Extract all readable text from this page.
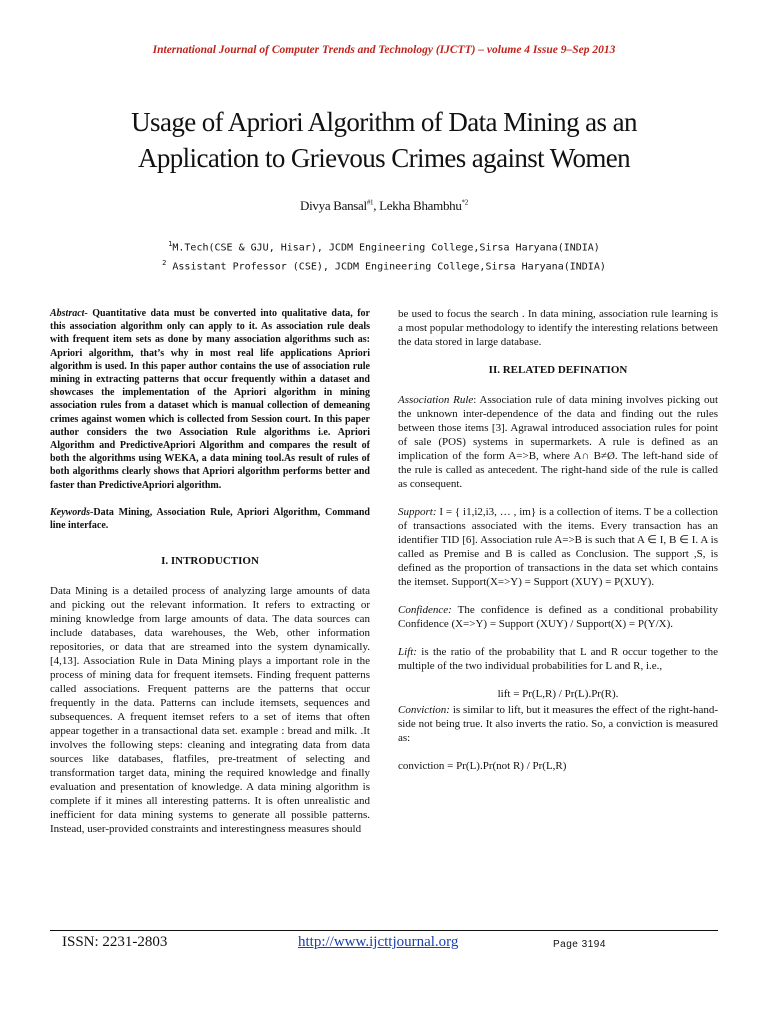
International Journal of Computer Trends and Technology (IJCTT) – volume 4 Issue 9–Sep 2013
Usage of Apriori Algorithm of Data Mining as an
Application to Grievous Crimes against Women
Divya Bansal$^{\#1}$, Lekha Bhambhu$^{*2}$
$^1$M.Tech(CSE & GJU, Hisar), JCDM Engineering College,Sirsa Haryana(INDIA)
$^2$ Assistant Professor (CSE), JCDM Engineering College,Sirsa Haryana(INDIA)

Abstract- Quantitative data must be converted into qualitative data, for this association algorithm only can apply to it. As association rule deals with frequent item sets as done by many association algorithms such as: Apriori algorithm, that’s why in most real life applications Apriori algorithm is used. In this paper author contains the use of association rule mining in extracting patterns that occur frequently within a dataset and showcases the implementation of the Apriori algorithm in mining association rules from a dataset which is manual collection of demeaning crimes against women which is collected from Session court. In this paper author considers the two Association Rule algorithms i.e. Apriori Algorithm and PredictiveApriori Algorithm and compares the result of both the algorithms using WEKA, a data mining tool.As result of rules of both algorithms clearly shows that Apriori algorithm performs better and faster than PredictiveApriori algorithm.

Keywords-Data Mining, Association Rule, Apriori Algorithm, Command line interface.

I. INTRODUCTION

Data Mining is a detailed process of analyzing large amounts of data and picking out the relevant information. It refers to extracting or mining knowledge from large amounts of data. The data sources can include databases, data warehouses, the Web, other information repositories, or data that are streamed into the system dynamically. [4,13]. Association Rule in Data Mining plays a important role in the process of mining data for frequent itemsets. Finding frequent patterns called associations. Frequent patterns are the patterns that occur frequently in the data. Patterns can include itemsets, sequences and subsequences. A frequent itemset refers to a set of items that often appear together in a transactional data set. example : bread and milk. .It involves the following steps: cleaning and integrating data from data sources like databases, flatfiles, pre-treatment of selecting and transformation target data, mining the required knowledge and finally evaluation and presentation of knowledge. A data mining algorithm is complete if it mines all interesting patterns. It is often unrealistic and inefficient for data mining systems to generate all possible patterns. Instead, user-provided constraints and interestingness measures should

be used to focus the search . In data mining, association rule learning is a most popular methodology to identify the interesting relations between the data stored in large database.

II. RELATED DEFINATION

Association Rule: Association rule of data mining involves picking out the unknown inter-dependence of the data and finding out the rules between those items [3]. Agrawal introduced association rules for point of sale (POS) systems in supermarkets. A rule is defined as an implication of the form A=>B, where A∩ B≠Ø. The left-hand side of the rule is called as antecedent. The right-hand side of the rule is called as consequent.

Support: I = { i1,i2,i3, … , im} is a collection of items. T be a collection of transactions associated with the items. Every transaction has an identifier TID [6]. Association rule A=>B is such that A ∈ I, B ∈ I. A is called as Premise and B is called as Conclusion. The support ,S, is defined as the proportion of transactions in the data set which contains the itemset. Support(X=>Y) = Support (XUY) = P(XUY).

Confidence: The confidence is defined as a conditional probability Confidence (X=>Y) = Support (XUY) / Support(X) = P(Y/X).

Lift: is the ratio of the probability that L and R occur together to the multiple of the two individual probabilities for L and R, i.e.,

lift = Pr(L,R) / Pr(L).Pr(R).

Conviction: is similar to lift, but it measures the effect of the right-hand-side not being true. It also inverts the ratio. So, a conviction is measured as:

conviction = Pr(L).Pr(not R) / Pr(L,R)

ISSN: 2231-2803	http://www.ijcttjournal.org	Page 3194
